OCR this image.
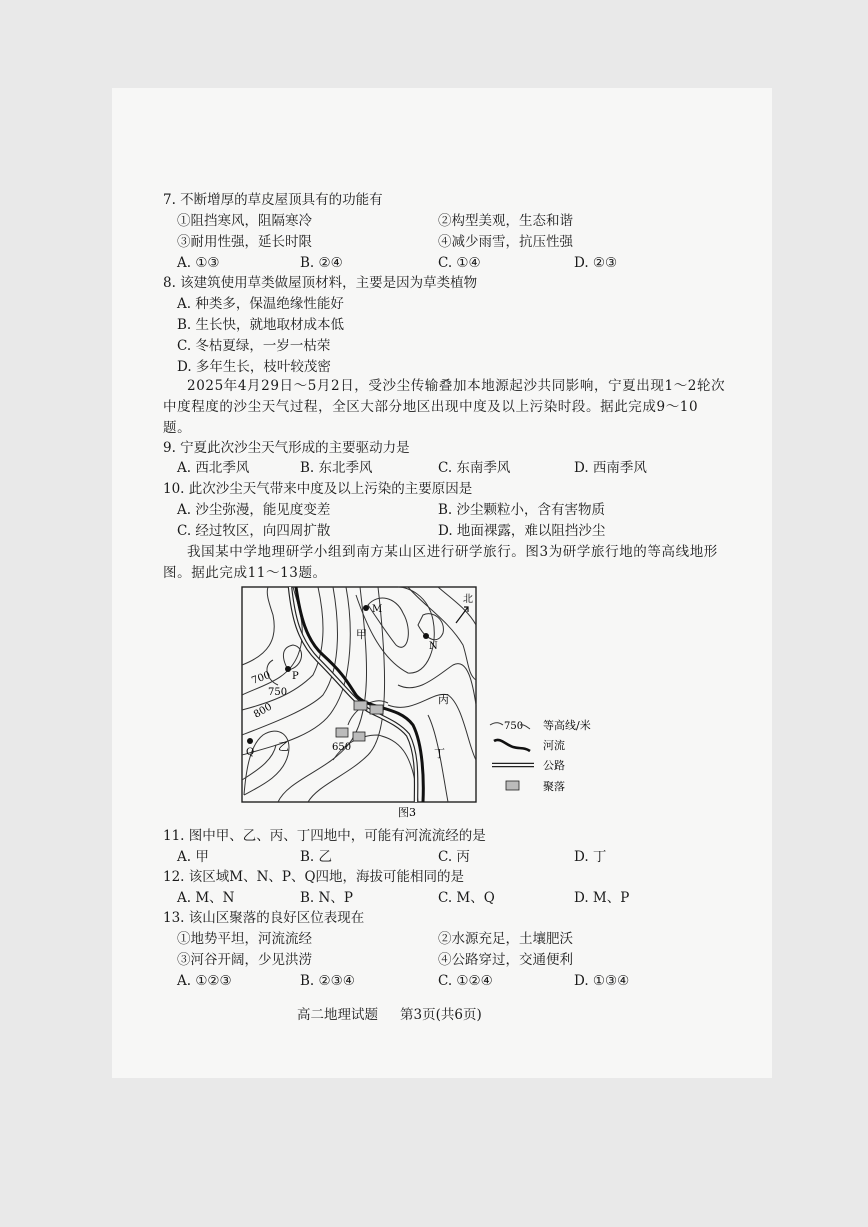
7. 不断增厚的草皮屋顶具有的功能有
①阻挡寒风，阻隔寒冷	②构型美观，生态和谐
③耐用性强，延长时限	④减少雨雪，抗压性强
A. ①③	B. ②④	C. ①④	D. ②③
8. 该建筑使用草类做屋顶材料，主要是因为草类植物
A. 种类多，保温绝缘性能好
B. 生长快，就地取材成本低
C. 冬枯夏绿，一岁一枯荣
D. 多年生长，枝叶较茂密
2025年4月29日～5月2日，受沙尘传输叠加本地源起沙共同影响，宁夏出现1～2轮次中度程度的沙尘天气过程，全区大部分地区出现中度及以上污染时段。据此完成9～10题。
9. 宁夏此次沙尘天气形成的主要驱动力是
A. 西北季风	B. 东北季风	C. 东南季风	D. 西南季风
10. 此次沙尘天气带来中度及以上污染的主要原因是
A. 沙尘弥漫，能见度变差	B. 沙尘颗粒小，含有害物质
C. 经过牧区，向四周扩散	D. 地面裸露，难以阻挡沙尘
我国某中学地理研学小组到南方某山区进行研学旅行。图3为研学旅行地的等高线地形图。据此完成11～13题。
M
N
P
Q
甲
乙
丙
丁
700
750
800
650
北
图3
750 等高线/米
河流
公路
聚落
11. 图中甲、乙、丙、丁四地中，可能有河流流经的是
A. 甲	B. 乙	C. 丙	D. 丁
12. 该区域M、N、P、Q四地，海拔可能相同的是
A. M、N	B. N、P	C. M、Q	D. M、P
13. 该山区聚落的良好区位表现在
①地势平坦，河流流经	②水源充足，土壤肥沃
③河谷开阔，少见洪涝	④公路穿过，交通便利
A. ①②③	B. ②③④	C. ①②④	D. ①③④
高二地理试题 第3页(共6页)
